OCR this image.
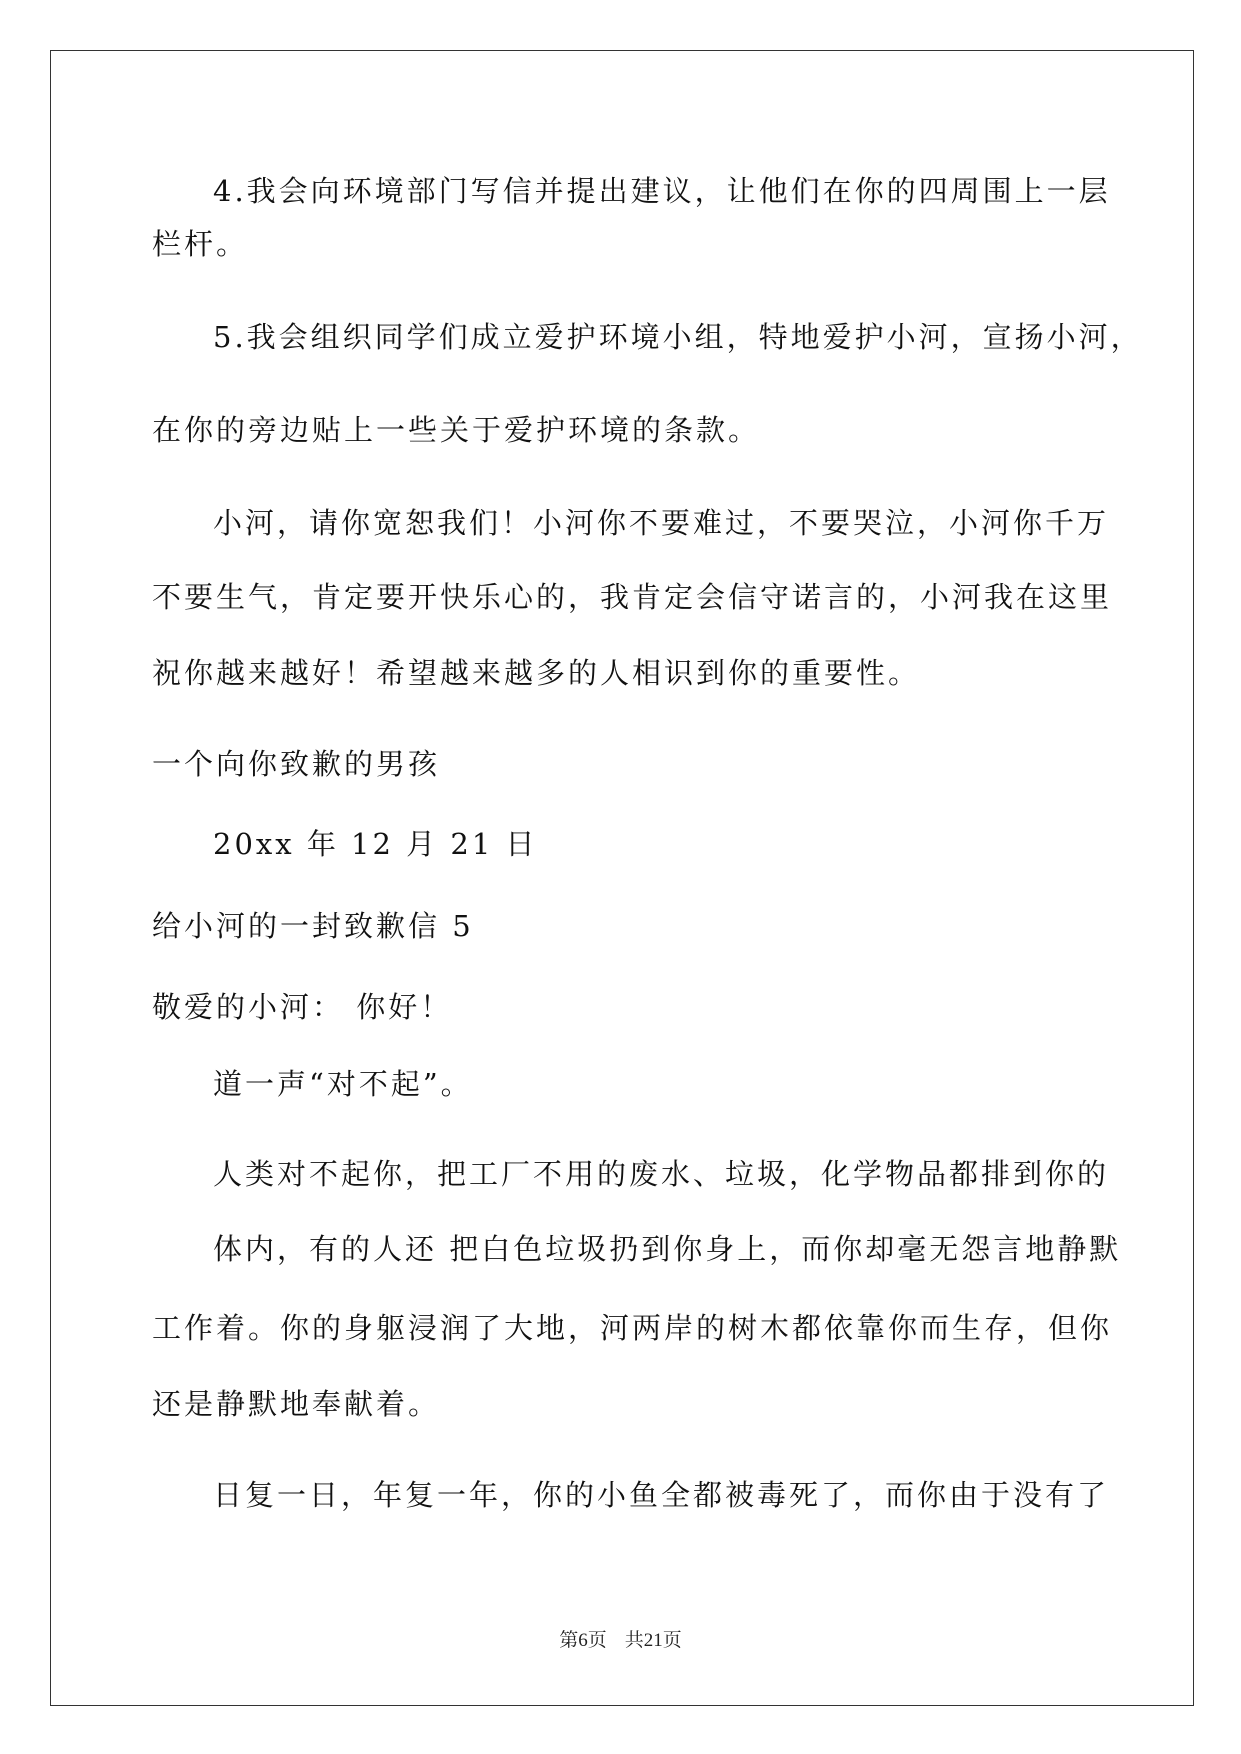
4.我会向环境部门写信并提出建议，让他们在你的四周围上一层
栏杆。
5.我会组织同学们成立爱护环境小组，特地爱护小河，宣扬小河，
在你的旁边贴上一些关于爱护环境的条款。
小河，请你宽恕我们！小河你不要难过，不要哭泣，小河你千万
不要生气，肯定要开快乐心的，我肯定会信守诺言的，小河我在这里
祝你越来越好！希望越来越多的人相识到你的重要性。
一个向你致歉的男孩
20xx 年 12 月 21 日
给小河的一封致歉信 5
敬爱的小河： 你好！
道一声“对不起”。
人类对不起你，把工厂不用的废水、垃圾，化学物品都排到你的
体内，有的人还 把白色垃圾扔到你身上，而你却毫无怨言地静默
工作着。你的身躯浸润了大地，河两岸的树木都依靠你而生存，但你
还是静默地奉献着。
日复一日，年复一年，你的小鱼全都被毒死了，而你由于没有了
第6页 共21页
